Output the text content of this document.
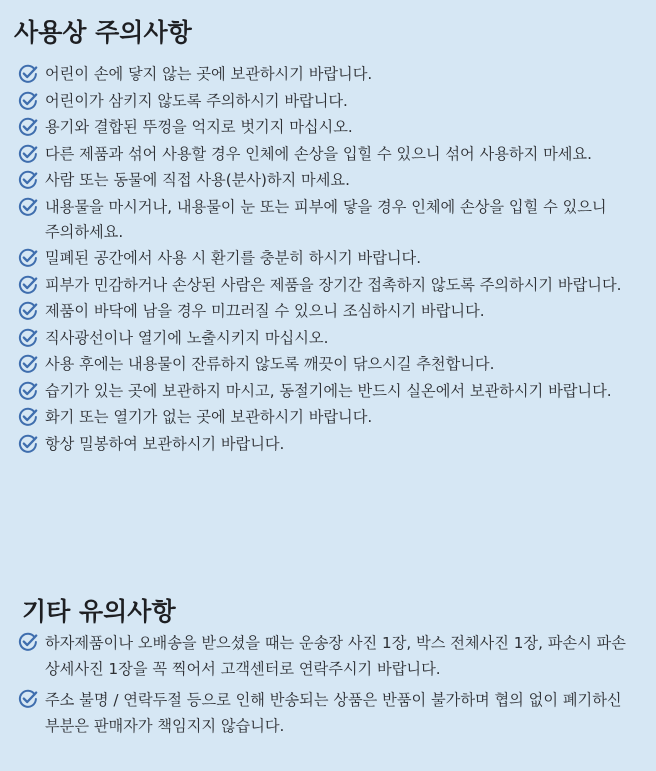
사용상 주의사항
어린이 손에 닿지 않는 곳에 보관하시기 바랍니다.
어린이가 삼키지 않도록 주의하시기 바랍니다.
용기와 결합된 뚜껑을 억지로 벗기지 마십시오.
다른 제품과 섞어 사용할 경우 인체에 손상을 입힐 수 있으니 섞어 사용하지 마세요.
사람 또는 동물에 직접 사용(분사)하지 마세요.
내용물을 마시거나, 내용물이 눈 또는 피부에 닿을 경우 인체에 손상을 입힐 수 있으니 주의하세요.
밀폐된 공간에서 사용 시 환기를 충분히 하시기 바랍니다.
피부가 민감하거나 손상된 사람은 제품을 장기간 접촉하지 않도록 주의하시기 바랍니다.
제품이 바닥에 남을 경우 미끄러질 수 있으니 조심하시기 바랍니다.
직사광선이나 열기에 노출시키지 마십시오.
사용 후에는 내용물이 잔류하지 않도록 깨끗이 닦으시길 추천합니다.
습기가 있는 곳에 보관하지 마시고, 동절기에는 반드시 실온에서 보관하시기 바랍니다.
화기 또는 열기가 없는 곳에 보관하시기 바랍니다.
항상 밀봉하여 보관하시기 바랍니다.
기타 유의사항
하자제품이나 오배송을 받으셨을 때는 운송장 사진 1장, 박스 전체사진 1장, 파손시 파손 상세사진 1장을 꼭 찍어서 고객센터로 연락주시기 바랍니다.
주소 불명 / 연락두절 등으로 인해 반송되는 상품은 반품이 불가하며 협의 없이 폐기하신 부분은 판매자가 책임지지 않습니다.
